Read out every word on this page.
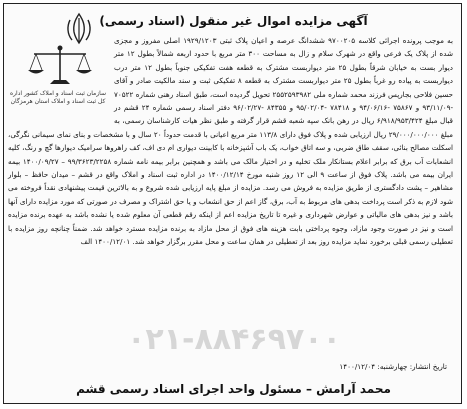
سازمان ثبت اسناد و املاک کشور اداره کل ثبت اسناد و املاک استان هرمزگان
آگهی مزایده اموال غیر منقول (اسناد رسمی)
به موجب پرونده اجرائی کلاسه ۹۷۰۰۲۰۵ ششدانگ عرصه و اعیان پلاک ثبتی ۱۹۲۹/۱۲۰۳ اصلی مفروز و مجزی شده از پلاک یک فرعی واقع در شهرک سلام و زال به مساحت ۳۰۰ متر مربع با حدود اربعه شمالاً بطول ۱۲ متر دیوار بست به خیابان شرقاً بطول ۲۵ متر دیواربست مشترک به قطعه هفت تفکیکی جنوباً بطول ۱۲ متر درب دیواربست به پیاده رو غرباً بطول ۲۵ متر دیواربست مشترک به قطعه ۸ تفکیکی ثبت و سند مالکیت صادر و آقای حسین فلاحی بجارپس فرزند محمد شماره ملی ۲۵۵۲۵۹۳۹۸۲ تحویل گردیده است، طبق اسناد رهنی شماره ۷۰۵۲۲ -۹۳/۱۱/۰۹ و ۷۵۸۶۷ -۹۴/۰۶/۱۶ و ۷۸۴۱۸ -۹۵/۰۲/۰۴ و ۸۴۳۵۵ -۹۶/۰۲/۲۷ دفتر اسناد رسمی شماره ۲۴ قشم در قبال مبلغ ۶/۹۱۸/۹۵۳/۴۲۴ ریال در رهن بانک سپه شعبه قشم قرار گرفته و طبق نظر هیات کارشناسان رسمی، به مبلغ ۲۹/۰۰۰/۰۰۰/۰۰۰ ریال ارزیابی شده و پلاک فوق دارای ۱۱۳/۸ متر مربع اعیانی با قدمت حدوداً ۲۰ سال و با مشخصات و بنای نمای سیمانی نگرگی، اسکلت مصالح بنائی، سقف طاق ضربی، و سه اتاق خواب، یک باب آشپزخانه با کابینت دیواری ام دی اف، کف راهروها سرامیک دیوارها گچ و رنگ، کلیه انشعابات آب برق که برابر اعلام بستانکار ملک تخلیه و در اختیار مالک می باشد و همچنین برابر بیمه نامه شماره ۹۹/۳۶۲۳/۲۲۵۸ – ۱۴۰۰/۰۹/۲۷ بیمه ایران بیمه می باشد. پلاک فوق از ساعت ۹ الی ۱۲ روز شنبه مورخ ۱۴۰۰/۱۲/۱۴ در اداره ثبت اسناد و املاک واقع در قشم – میدان حافظ – بلوار مشاهیر – پشت دادگستری از طریق مزایده به فروش می رسد. مزایده از مبلغ پایه ارزیابی شده شروع و به بالاترین قیمت پیشنهادی نقداً فروخته می شود لازم به ذکر است پرداخت بدهی های مربوط به آب، برق، گاز اعم از حق انشعاب و یا حق اشتراک و مصرف در صورتی که مورد مزایده دارای آنها باشد و نیز بدهی های مالیاتی و عوارض شهرداری و غیره تا تاریخ مزایده اعم از اینکه رقم قطعی آن معلوم شده یا نشده باشد به عهده برنده مزایده است و نیز در صورت وجود مازاد، وجوه پرداختی بابت هزینه های فوق از محل مازاد به برنده مزایده مسترد خواهد شد. ضمناً چنانچه روز مزایده با تعطیلی رسمی قبلی برخورد نماید مزایده روز بعد از تعطیلی در همان ساعت و محل مقرر برگزار خواهد شد. ۱۴۰۰/۱۲/۰۱ الف
۰۲۱-۸۸۴۶۹۷۰۰
تاریخ انتشار: چهارشنبه: ۱۴۰۰/۱۲/۰۴
محمد آرامش – مسئول واحد اجرای اسناد رسمی قشم
